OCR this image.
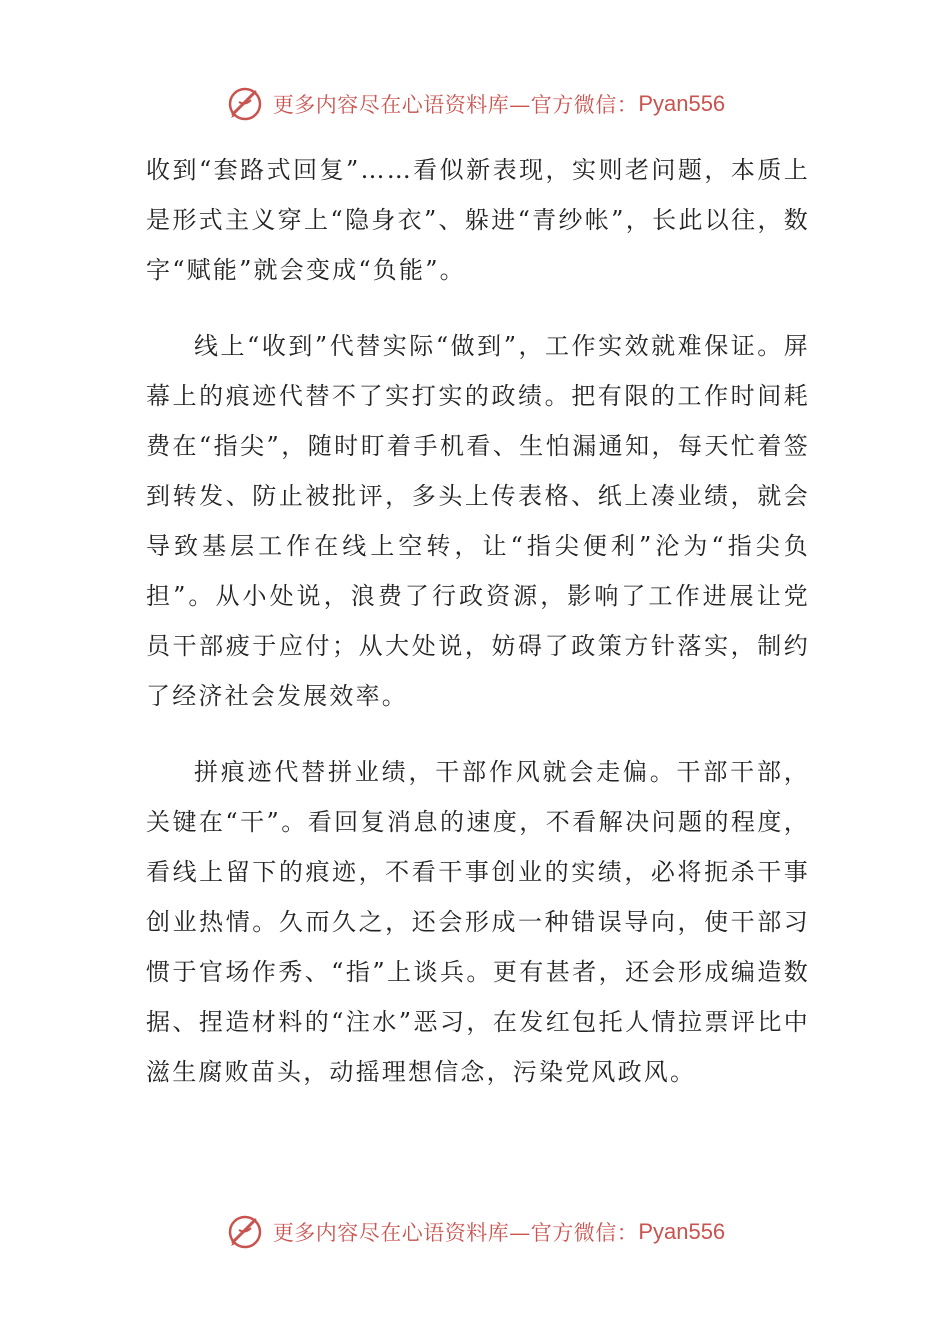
更多内容尽在心语资料库—官方微信： Pyan556

收到“套路式回复”……看似新表现，实则老问题，本质上是形式主义穿上“隐身衣”、躲进“青纱帐”，长此以往，数字“赋能”就会变成“负能”。

线上“收到”代替实际“做到”，工作实效就难保证。屏幕上的痕迹代替不了实打实的政绩。把有限的工作时间耗费在“指尖”，随时盯着手机看、生怕漏通知，每天忙着签到转发、防止被批评，多头上传表格、纸上凑业绩，就会导致基层工作在线上空转，让“指尖便利”沦为“指尖负担”。从小处说，浪费了行政资源，影响了工作进展让党员干部疲于应付；从大处说，妨碍了政策方针落实，制约了经济社会发展效率。

拼痕迹代替拼业绩，干部作风就会走偏。干部干部，关键在“干”。看回复消息的速度，不看解决问题的程度，看线上留下的痕迹，不看干事创业的实绩，必将扼杀干事创业热情。久而久之，还会形成一种错误导向，使干部习惯于官场作秀、“指”上谈兵。更有甚者，还会形成编造数据、捏造材料的“注水”恶习，在发红包托人情拉票评比中滋生腐败苗头，动摇理想信念，污染党风政风。

更多内容尽在心语资料库—官方微信： Pyan556
